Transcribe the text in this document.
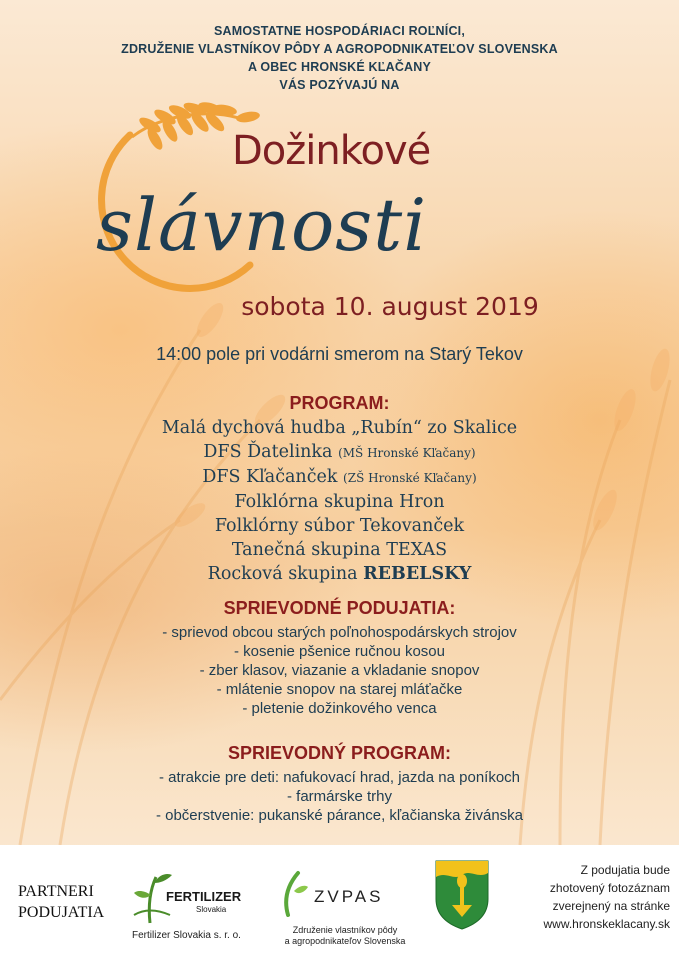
SAMOSTATNE HOSPODÁRIACI ROĽNÍCI,
ZDRUŽENIE VLASTNÍKOV PÔDY A AGROPODNIKATEĽOV SLOVENSKA
A OBEC HRONSKÉ KĽAČANY
VÁS POZÝVAJÚ NA
Dožinkové
slávnosti
sobota 10. august 2019
14:00 pole pri vodárni smerom na Starý Tekov
PROGRAM:
Malá dychová hudba „Rubín“ zo Skalice
DFS Ďatelinka (MŠ Hronské Kľačany)
DFS Kľačanček (ZŠ Hronské Kľačany)
Folklórna skupina Hron
Folklórny súbor Tekovanček
Tanečná skupina TEXAS
Rocková skupina REBELSKY
SPRIEVODNÉ PODUJATIA:
- sprievod obcou starých poľnohospodárskych strojov
- kosenie pšenice ručnou kosou
- zber klasov, viazanie a vkladanie snopov
- mlátenie snopov na starej mláťačke
- pletenie dožinkového venca
SPRIEVODNÝ PROGRAM:
- atrakcie pre deti: nafukovací hrad, jazda na poníkoch
- farmárske trhy
- občerstvenie: pukanské párance, kľačianska živánska
PARTNERI
PODUJATIA
FERTILIZER
Slovakia
Fertilizer Slovakia s. r. o.
ZVPAS
Združenie vlastníkov pôdy
a agropodnikateľov Slovenska
Z podujatia bude
zhotovený fotozáznam
zverejnený na stránke
www.hronskeklacany.sk
